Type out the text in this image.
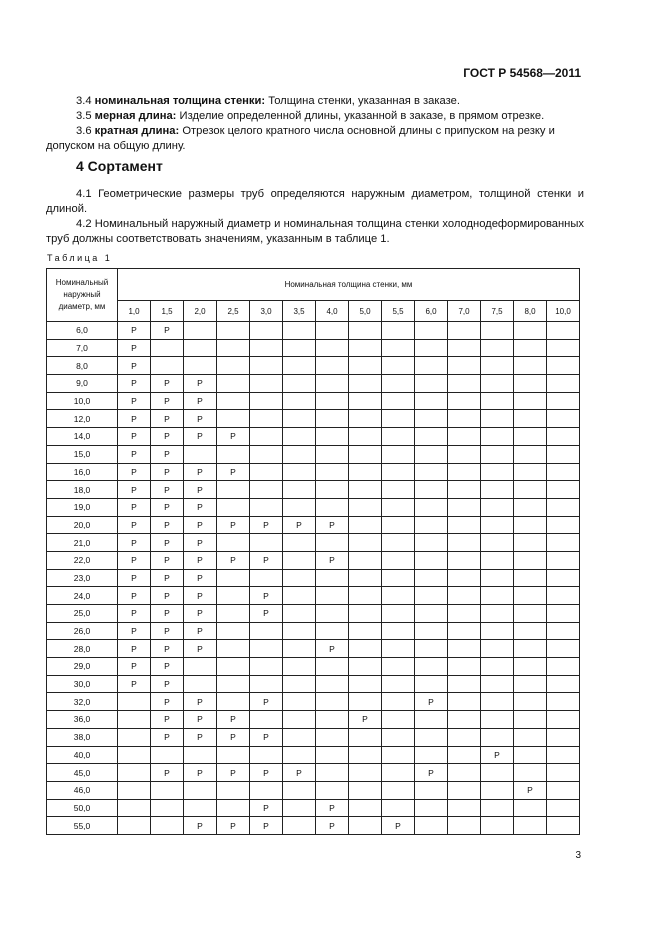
ГОСТ Р 54568—2011

3.4 номинальная толщина стенки: Толщина стенки, указанная в заказе.

3.5 мерная длина: Изделие определенной длины, указанной в заказе, в прямом отрезке.

3.6 кратная длина: Отрезок целого кратного числа основной длины с припуском на резку и допуском на общую длину.

4 Сортамент

4.1 Геометрические размеры труб определяются наружным диаметром, толщиной стенки и длиной.

4.2 Номинальный наружный диаметр и номинальная толщина стенки холоднодеформированных труб должны соответствовать значениям, указанным в таблице 1.

Таблица 1
Номинальный наружный диаметр, мм	Номинальная толщина стенки, мм													
	1,0	1,5	2,0	2,5	3,0	3,5	4,0	5,0	5,5	6,0	7,0	7,5	8,0	10,0
6,0	P	P												
7,0	P													
8,0	P													
9,0	P	P	P											
10,0	P	P	P											
12,0	P	P	P											
14,0	P	P	P	P										
15,0	P	P												
16,0	P	P	P	P										
18,0	P	P	P											
19,0	P	P	P											
20,0	P	P	P	P	P	P	P							
21,0	P	P	P											
22,0	P	P	P	P	P		P							
23,0	P	P	P											
24,0	P	P	P		P									
25,0	P	P	P		P									
26,0	P	P	P											
28,0	P	P	P				P							
29,0	P	P												
30,0	P	P												
32,0		P	P		P					P				
36,0		P	P	P				P						
38,0		P	P	P	P									
40,0												P		
45,0		P	P	P	P	P				P				
46,0													P	
50,0					P		P							
55,0			P	P	P		P		P					
3
